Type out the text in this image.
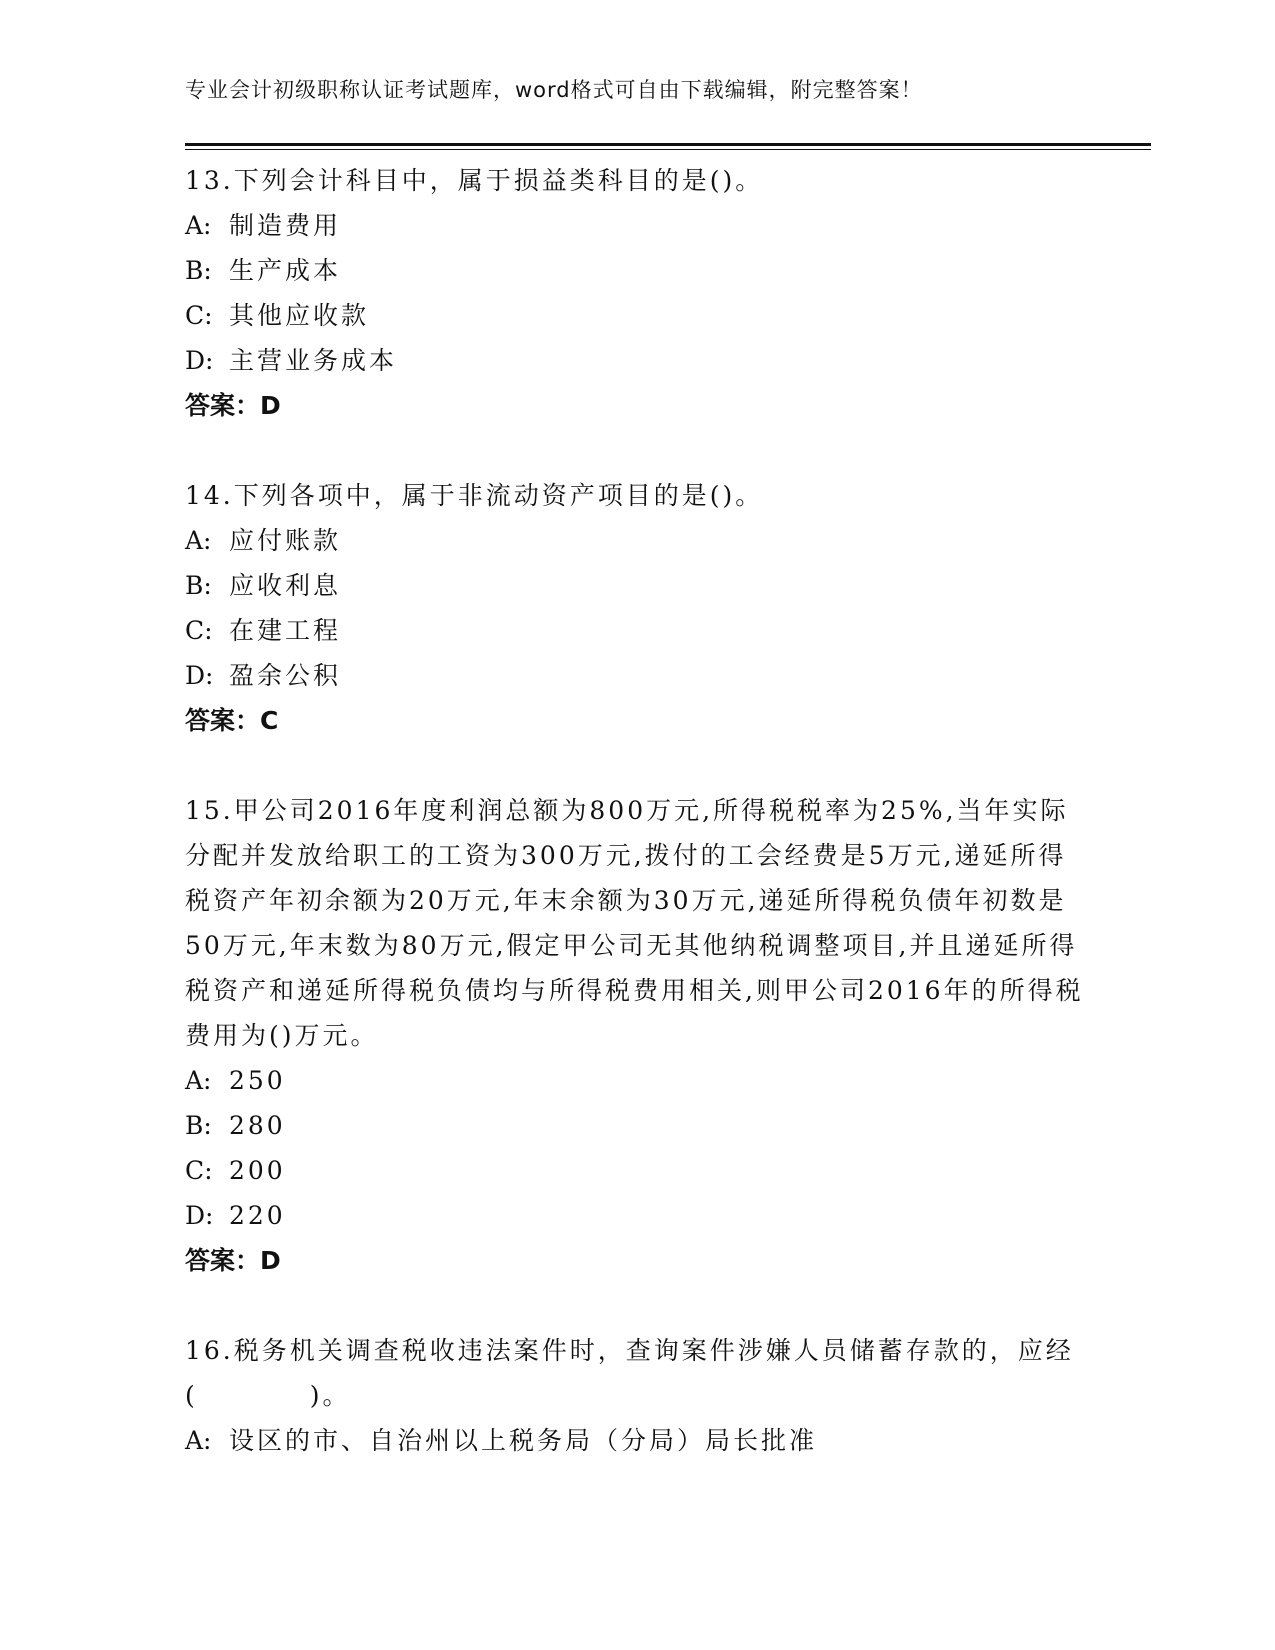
专业会计初级职称认证考试题库，word格式可自由下载编辑，附完整答案！

13.下列会计科目中，属于损益类科目的是()。

A: 制造费用

B: 生产成本

C: 其他应收款

D: 主营业务成本

答案：D

14.下列各项中，属于非流动资产项目的是()。

A: 应付账款

B: 应收利息

C: 在建工程

D: 盈余公积

答案：C

15.甲公司2016年度利润总额为800万元,所得税税率为25%,当年实际分配并发放给职工的工资为300万元,拨付的工会经费是5万元,递延所得税资产年初余额为20万元,年末余额为30万元,递延所得税负债年初数是50万元,年末数为80万元,假定甲公司无其他纳税调整项目,并且递延所得税资产和递延所得税负债均与所得税费用相关,则甲公司2016年的所得税费用为()万元。

A: 250

B: 280

C: 200

D: 220

答案：D

16.税务机关调查税收违法案件时，查询案件涉嫌人员储蓄存款的，应经(　　　　)。

A: 设区的市、自治州以上税务局（分局）局长批准
